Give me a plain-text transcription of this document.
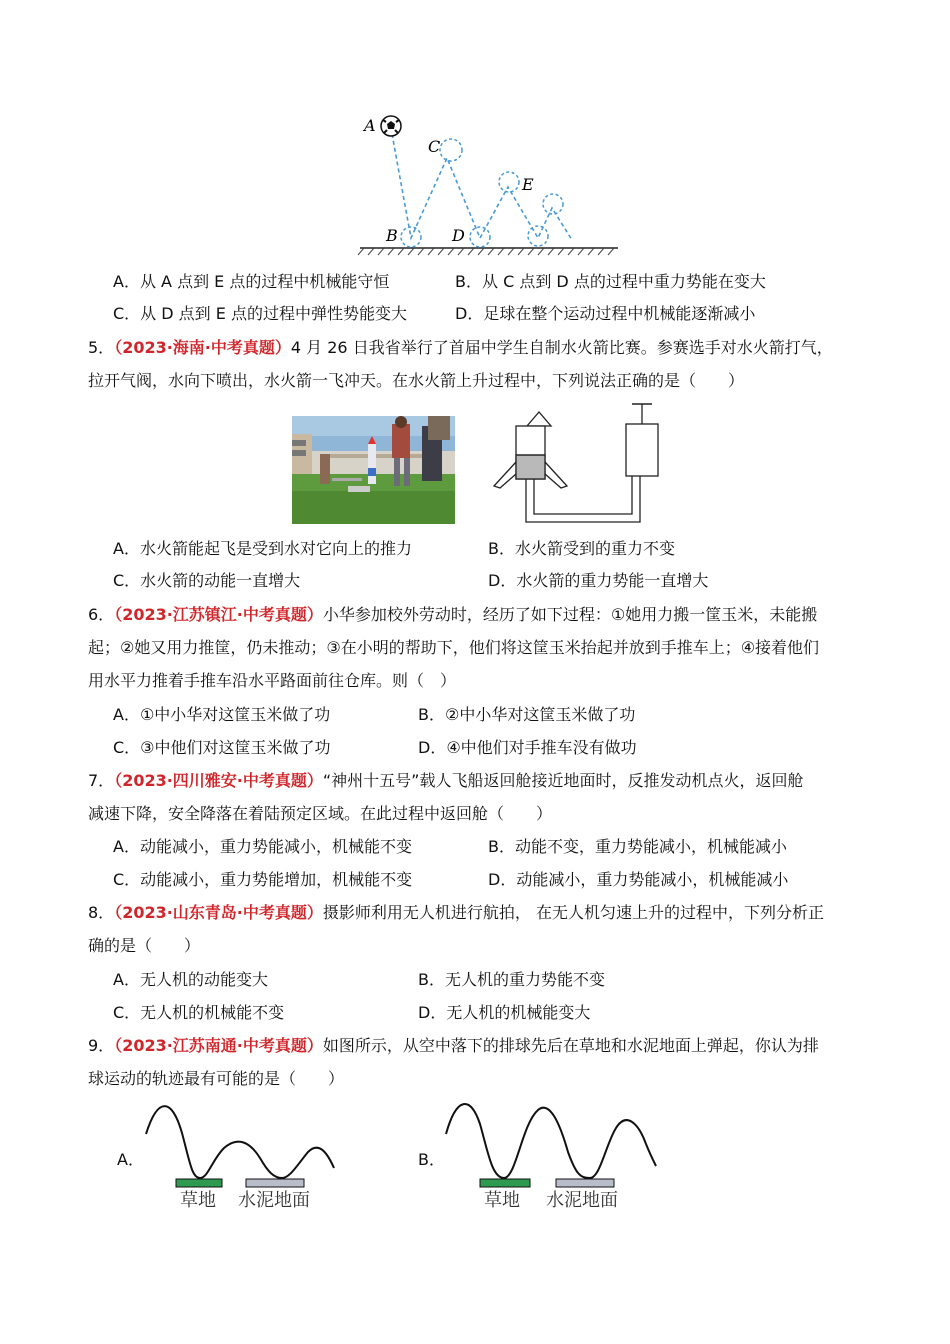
A
B
C
D
E
A．从 A 点到 E 点的过程中机械能守恒	B．从 C 点到 D 点的过程中重力势能在变大
C．从 D 点到 E 点的过程中弹性势能变大	D．足球在整个运动过程中机械能逐渐减小
5．（2023·海南·中考真题）4 月 26 日我省举行了首届中学生自制水火箭比赛。参赛选手对水火箭打气，
拉开气阀，水向下喷出，水火箭一飞冲天。在水火箭上升过程中，下列说法正确的是（　　）
A．水火箭能起飞是受到水对它向上的推力	B．水火箭受到的重力不变
C．水火箭的动能一直增大	D．水火箭的重力势能一直增大
6．（2023·江苏镇江·中考真题）小华参加校外劳动时，经历了如下过程：①她用力搬一筐玉米，未能搬
起；②她又用力推筐，仍未推动；③在小明的帮助下，他们将这筐玉米抬起并放到手推车上；④接着他们
用水平力推着手推车沿水平路面前往仓库。则（　）
A．①中小华对这筐玉米做了功	B．②中小华对这筐玉米做了功
C．③中他们对这筐玉米做了功	D．④中他们对手推车没有做功
7．（2023·四川雅安·中考真题）“神州十五号”载人飞船返回舱接近地面时，反推发动机点火，返回舱
减速下降，安全降落在着陆预定区域。在此过程中返回舱（　　）
A．动能减小，重力势能减小，机械能不变	B．动能不变，重力势能减小，机械能减小
C．动能减小，重力势能增加，机械能不变	D．动能减小，重力势能减小，机械能减小
8．（2023·山东青岛·中考真题）摄影师利用无人机进行航拍， 在无人机匀速上升的过程中，下列分析正
确的是（　　）
A．无人机的动能变大	B．无人机的重力势能不变
C．无人机的机械能不变	D．无人机的机械能变大
9．（2023·江苏南通·中考真题）如图所示，从空中落下的排球先后在草地和水泥地面上弹起，你认为排
球运动的轨迹最有可能的是（　　）
A．
草地 水泥地面
B．
草地 水泥地面
